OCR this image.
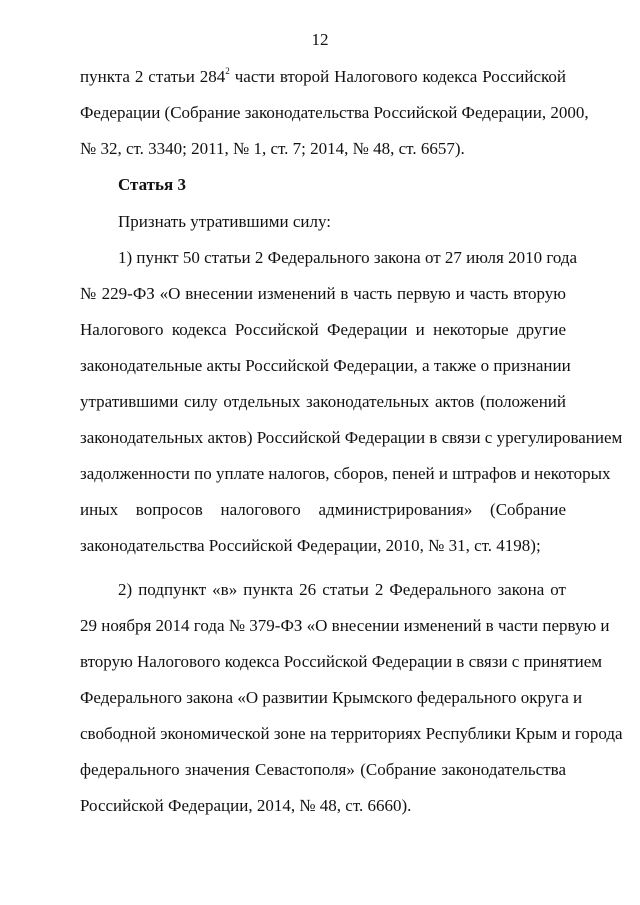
12
пункта 2 статьи $284^2$ части второй Налогового кодекса Российской
Федерации (Собрание законодательства Российской Федерации, 2000,
№ 32, ст. 3340; 2011, № 1, ст. 7; 2014, № 48, ст. 6657).
Статья 3
Признать утратившими силу:
1) пункт 50 статьи 2 Федерального закона от 27 июля 2010 года
№ 229-ФЗ «О внесении изменений в часть первую и часть вторую
Налогового кодекса Российской Федерации и некоторые другие
законодательные акты Российской Федерации, а также о признании
утратившими силу отдельных законодательных актов (положений
законодательных актов) Российской Федерации в связи с урегулированием
задолженности по уплате налогов, сборов, пеней и штрафов и некоторых
иных вопросов налогового администрирования» (Собрание
законодательства Российской Федерации, 2010, № 31, ст. 4198);
2) подпункт «в» пункта 26 статьи 2 Федерального закона от
29 ноября 2014 года № 379-ФЗ «О внесении изменений в части первую и
вторую Налогового кодекса Российской Федерации в связи с принятием
Федерального закона «О развитии Крымского федерального округа и
свободной экономической зоне на территориях Республики Крым и города
федерального значения Севастополя» (Собрание законодательства
Российской Федерации, 2014, № 48, ст. 6660).
